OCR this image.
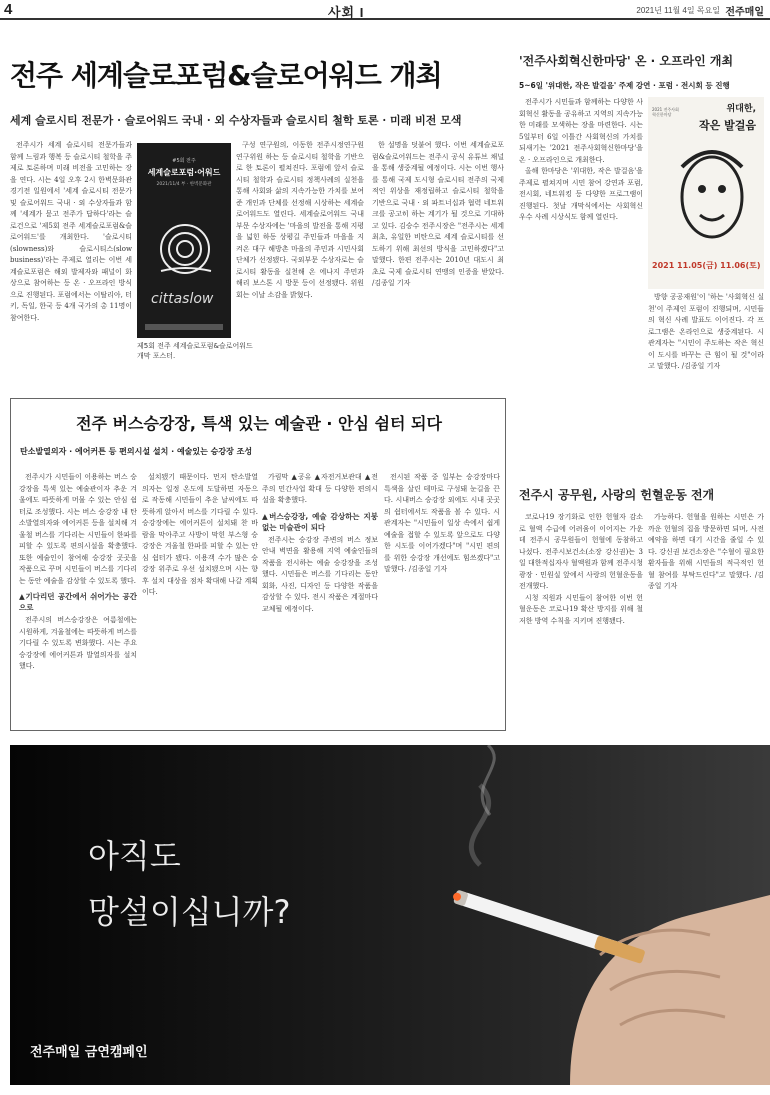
4	사회 I	2021년 11월 4일 목요일 전주매일
전주 세계슬로포럼&슬로어워드 개최
세계 슬로시티 전문가 · 슬로어워드 국내 · 외 수상자들과 슬로시티 철학 토론 · 미래 비전 모색

전주시가 세계 슬로시티 전문가들과 함께 느림과 행복 등 슬로시티 철학을 주제로 토론하며 미래 비전을 고민하는 장을 연다. 시는 4일 오후 2시 한벽문화관 경기전 일원에서 '세계 슬로시티 전문가 및 슬로어워드 국내 · 외 수상자들과 함께 '세계가 묻고 전주가 답하다'라는 슬로건으로 '제5회 전주 세계슬로포럼&슬로어워드'를 개최한다. '슬로시티(slowness)와 슬로시티스(slow business)'라는 주제로 열리는 이번 세계슬로포럼은 해외 발제자와 패널이 화상으로 참여하는 등 온 · 오프라인 방식으로 진행된다. 포럼에서는 이탈리아, 터키, 독일, 한국 등 4개 국가의 총 11명이 참여한다.

#5회 전주
세계슬로포럼·어워드
2021/11/4 부 · 한벽문화관
cittaslow
제5회 전주 세계슬로포럼&슬로어워드 개막 포스터.

구성 연구원의, 이동한 전주시정연구원 연구위원 하는 등 슬로시티 철학을 기반으로 한 토론이 펼쳐진다. 포럼에 앞서 슬로시티 철학과 슬로시티 정책사례의 실천을 통해 사회와 삶의 지속가능한 가치를 보여준 개인과 단체를 선정해 시상하는 세계슬로어워드도 열린다. 세계슬로어워드 국내부문 수상자에는 '마을의 발전을 통해 지평을 넓힌 하동 상평길 주민들과 마을을 지켜온 대구 해방촌 마을의 주민과 시민사회단체가 선정됐다. 국외부문 수상자로는 슬로시티 활동을 실천해 온 에나지 주민과 해리 보스톤 시 방문 등이 선정됐다. 위원회는 이날 소감을 밝혔다.

한 설명을 덧붙여 했다. 이번 세계슬로포럼&슬로어워드는 전주시 공식 유튜브 채널을 통해 생중계될 예정이다. 시는 이번 행사를 통해 국제 도시형 슬로시티 전주의 국제적인 위상을 재정립하고 슬로시티 철학을 기반으로 국내 · 외 파트너십과 협력 네트워크를 공고히 하는 계기가 될 것으로 기대하고 있다. 김승수 전주시장은 "전주시는 세계 최초, 유일한 비탄으로 세계 슬로시티를 선도하기 위해 최선의 방식을 고민하겠다"고 말했다. 한편 전주시는 2010년 대도시 최초로 국제 슬로시티 연맹의 인증을 받았다. /김종일 기자

전주 버스승강장, 특색 있는 예술관 · 안심 쉼터 되다
탄소발열의자 · 에어커튼 등 편의시설 설치 · 예술있는 승강장 조성

전주시가 시민들이 이용하는 버스 승강장을 특색 있는 예술관이자 추운 겨울에도 따뜻하게 머물 수 있는 안심 쉼터로 조성했다. 시는 버스 승강장 내 탄소발열의자와 에어커튼 등을 설치해 겨울철 버스를 기다리는 시민들이 한파를 피할 수 있도록 편의시설을 확충했다. 또한 예술인이 참여해 승강장 곳곳을 작품으로 꾸며 시민들이 버스를 기다리는 동안 예술을 감상할 수 있도록 했다.

▲기다리던 공간에서 쉬어가는 공간으로

전주시의 버스승강장은 여름철에는 시원하게, 겨울철에는 따뜻하게 버스를 기다릴 수 있도록 변화했다. 시는 주요 승강장에 에어커튼과 발열의자를 설치했다.

설치됐기 때문이다. 먼저 탄소발열의자는 일정 온도에 도달하면 자동으로 작동해 시민들이 추운 날씨에도 따뜻하게 앉아서 버스를 기다릴 수 있다. 승강장에는 에어커튼이 설치돼 찬 바람을 막아주고 사방이 막힌 부스형 승강장은 겨울철 한파를 피할 수 있는 안심 쉼터가 됐다. 이용객 수가 많은 승강장 위주로 우선 설치됐으며 시는 향후 설치 대상을 점차 확대해 나갈 계획이다.

가림막 ▲공유 ▲자전거보관대 ▲전주의 민간사업 확대 등 다양한 편의시설을 확충했다.

▲버스승강장, 예술 감상하는 지붕 없는 미술관이 되다

전주시는 승강장 주변의 버스 정보 안내 벽면을 활용해 지역 예술인들의 작품을 전시하는 예술 승강장을 조성했다. 시민들은 버스를 기다리는 동안 회화, 사진, 디자인 등 다양한 작품을 감상할 수 있다. 전시 작품은 계절마다 교체될 예정이다.

전시된 작품 중 일부는 승강장마다 특색을 살린 테마로 구성돼 눈길을 끈다. 시내버스 승강장 외에도 시내 곳곳의 쉼터에서도 작품을 볼 수 있다. 시 관계자는 "시민들이 일상 속에서 쉽게 예술을 접할 수 있도록 앞으로도 다양한 시도를 이어가겠다"며 "시민 편의를 위한 승강장 개선에도 힘쓰겠다"고 말했다. /김종일 기자

'전주사회혁신한마당' 온 · 오프라인 개최
5~6일 '위대한, 작은 발걸음' 주제 강연 · 포럼 · 전시회 등 진행

전주시가 시민들과 함께하는 다양한 사회혁신 활동을 공유하고 지역의 지속가능한 미래를 모색하는 장을 마련한다. 시는 5일부터 6일 이틀간 사회혁신의 가치를 되새기는 '2021 전주사회혁신한마당'을 온 · 오프라인으로 개최한다.

올해 한마당은 '위대한, 작은 발걸음'을 주제로 펼쳐지며 시민 참여 강연과 포럼, 전시회, 네트워킹 등 다양한 프로그램이 진행된다. 첫날 개막식에서는 사회혁신 우수 사례 시상식도 함께 열린다.

2021 전주사회혁신한마당
위대한,
작은 발걸음
2021 11.05(금) 11.06(토)

방향 공공재원'이 '하는 '사회혁신 실천'이 주제인 포럼이 진행되며, 시민들의 혁신 사례 발표도 이어진다. 각 프로그램은 온라인으로 생중계된다. 시 관계자는 "시민이 주도하는 작은 혁신이 도시를 바꾸는 큰 힘이 될 것"이라고 말했다. /김종일 기자

전주시 공무원, 사랑의 헌혈운동 전개

코로나19 장기화로 인한 헌혈자 감소로 혈액 수급에 어려움이 이어지는 가운데 전주시 공무원들이 헌혈에 동참하고 나섰다. 전주시보건소(소장 강신권)는 3일 대한적십자사 혈액원과 함께 전주시청 광장 · 민원실 앞에서 사랑의 헌혈운동을 전개했다.

시청 직원과 시민들이 참여한 이번 헌혈운동은 코로나19 확산 방지를 위해 철저한 방역 수칙을 지키며 진행됐다.

가능하다. 헌혈을 원하는 시민은 가까운 헌혈의 집을 방문하면 되며, 사전 예약을 하면 대기 시간을 줄일 수 있다. 강신권 보건소장은 "수혈이 필요한 환자들을 위해 시민들의 적극적인 헌혈 참여를 부탁드린다"고 말했다. /김종일 기자

아직도
망설이십니까?
전주매일 금연캠페인
